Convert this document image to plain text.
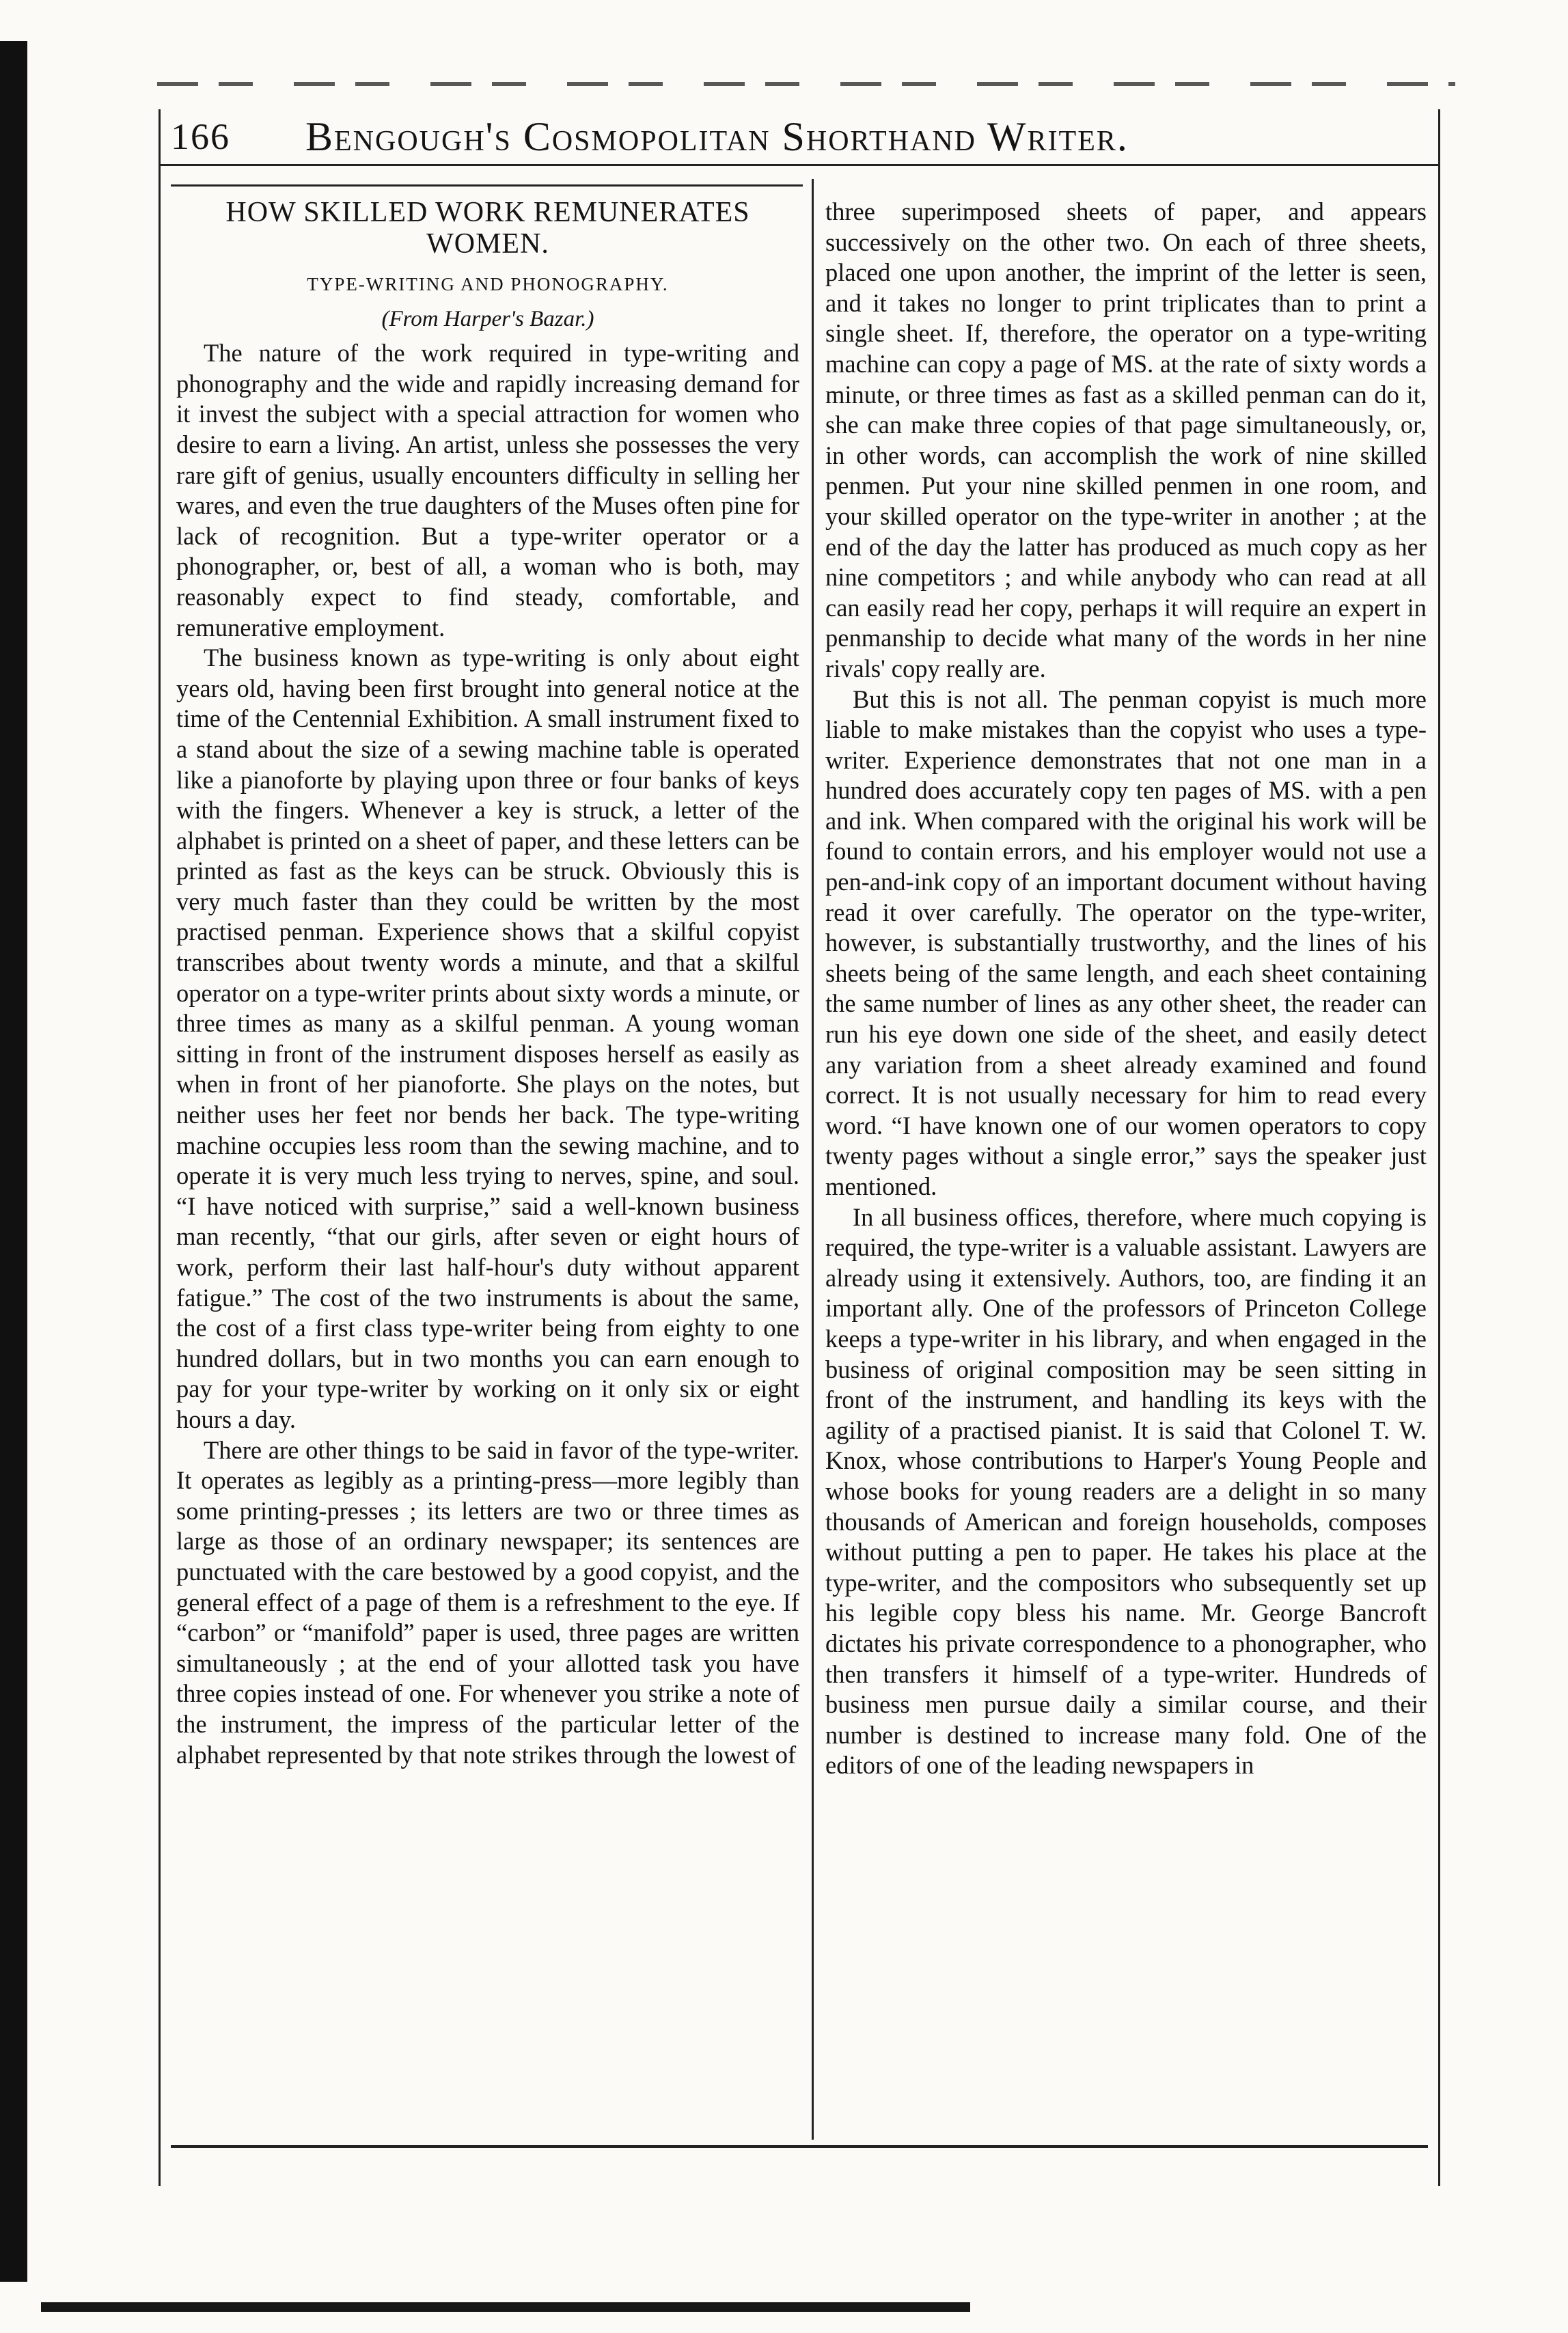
166 Bengough's Cosmopolitan Shorthand Writer.
HOW SKILLED WORK REMUNERATES WOMEN.
TYPE-WRITING AND PHONOGRAPHY.
(From Harper's Bazar.)

The nature of the work required in type-writing and phonography and the wide and rapidly increasing demand for it invest the subject with a special attraction for women who desire to earn a living. An artist, unless she possesses the very rare gift of genius, usually encounters difficulty in selling her wares, and even the true daughters of the Muses often pine for lack of recognition. But a type-writer operator or a phonographer, or, best of all, a woman who is both, may reasonably expect to find steady, comfortable, and remunerative employment.

The business known as type-writing is only about eight years old, having been first brought into general notice at the time of the Centennial Exhibition. A small instrument fixed to a stand about the size of a sewing machine table is operated like a pianoforte by playing upon three or four banks of keys with the fingers. Whenever a key is struck, a letter of the alphabet is printed on a sheet of paper, and these letters can be printed as fast as the keys can be struck. Obviously this is very much faster than they could be written by the most practised penman. Experience shows that a skilful copyist transcribes about twenty words a minute, and that a skilful operator on a type-writer prints about sixty words a minute, or three times as many as a skilful penman. A young woman sitting in front of the instrument disposes herself as easily as when in front of her pianoforte. She plays on the notes, but neither uses her feet nor bends her back. The type-writing machine occupies less room than the sewing machine, and to operate it is very much less trying to nerves, spine, and soul. “I have noticed with surprise,” said a well-known business man recently, “that our girls, after seven or eight hours of work, perform their last half-hour's duty without apparent fatigue.” The cost of the two instruments is about the same, the cost of a first class type-writer being from eighty to one hundred dollars, but in two months you can earn enough to pay for your type-writer by working on it only six or eight hours a day.

There are other things to be said in favor of the type-writer. It operates as legibly as a printing-press—more legibly than some printing-presses ; its letters are two or three times as large as those of an ordinary newspaper; its sentences are punctuated with the care bestowed by a good copyist, and the general effect of a page of them is a refreshment to the eye. If “carbon” or “manifold” paper is used, three pages are written simultaneously ; at the end of your allotted task you have three copies instead of one. For whenever you strike a note of the instrument, the impress of the particular letter of the alphabet represented by that note strikes through the lowest of

three superimposed sheets of paper, and appears successively on the other two. On each of three sheets, placed one upon another, the imprint of the letter is seen, and it takes no longer to print triplicates than to print a single sheet. If, therefore, the operator on a type-writing machine can copy a page of MS. at the rate of sixty words a minute, or three times as fast as a skilled penman can do it, she can make three copies of that page simultaneously, or, in other words, can accomplish the work of nine skilled penmen. Put your nine skilled penmen in one room, and your skilled operator on the type-writer in another ; at the end of the day the latter has produced as much copy as her nine competitors ; and while anybody who can read at all can easily read her copy, perhaps it will require an expert in penmanship to decide what many of the words in her nine rivals' copy really are.

But this is not all. The penman copyist is much more liable to make mistakes than the copyist who uses a type-writer. Experience demonstrates that not one man in a hundred does accurately copy ten pages of MS. with a pen and ink. When compared with the original his work will be found to contain errors, and his employer would not use a pen-and-ink copy of an important document without having read it over carefully. The operator on the type-writer, however, is substantially trustworthy, and the lines of his sheets being of the same length, and each sheet containing the same number of lines as any other sheet, the reader can run his eye down one side of the sheet, and easily detect any variation from a sheet already examined and found correct. It is not usually necessary for him to read every word. “I have known one of our women operators to copy twenty pages without a single error,” says the speaker just mentioned.

In all business offices, therefore, where much copying is required, the type-writer is a valuable assistant. Lawyers are already using it extensively. Authors, too, are finding it an important ally. One of the professors of Princeton College keeps a type-writer in his library, and when engaged in the business of original composition may be seen sitting in front of the instrument, and handling its keys with the agility of a practised pianist. It is said that Colonel T. W. Knox, whose contributions to Harper's Young People and whose books for young readers are a delight in so many thousands of American and foreign households, composes without putting a pen to paper. He takes his place at the type-writer, and the compositors who subsequently set up his legible copy bless his name. Mr. George Bancroft dictates his private correspondence to a phonographer, who then transfers it himself of a type-writer. Hundreds of business men pursue daily a similar course, and their number is destined to increase many fold. One of the editors of one of the leading newspapers in
